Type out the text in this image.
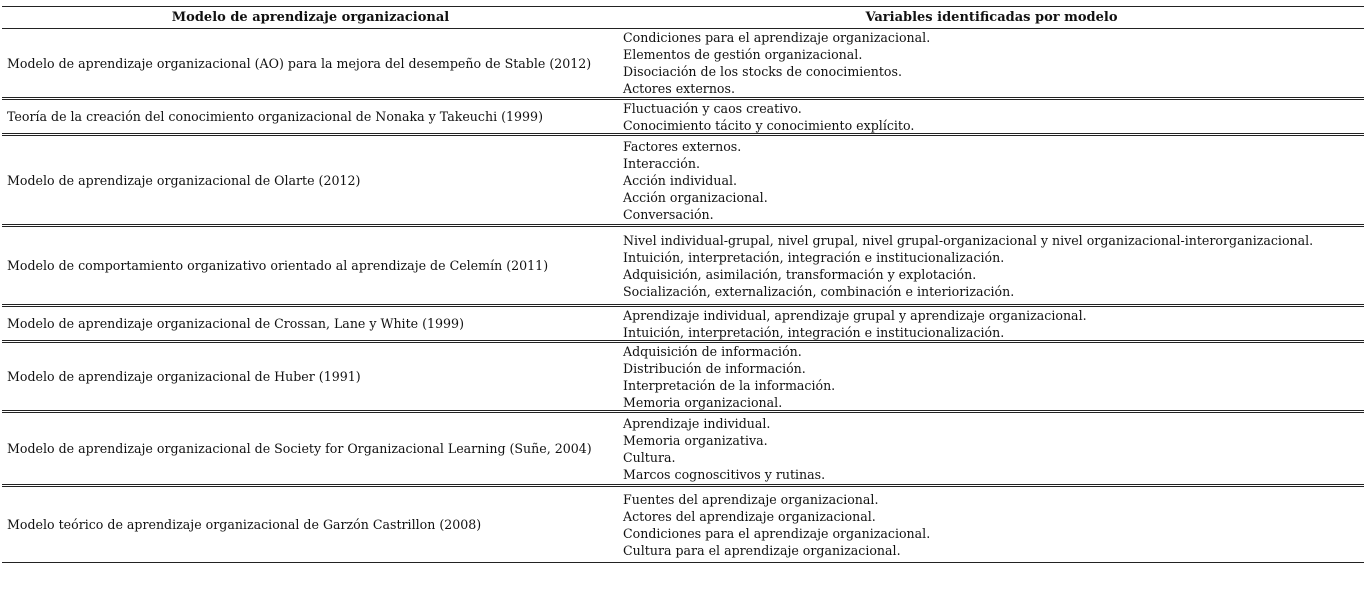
Modelo de aprendizaje organizacional	Variables identificadas por modelo
Modelo de aprendizaje organizacional (AO) para la mejora del desempeño de Stable (2012)
Condiciones para el aprendizaje organizacional.
Elementos de gestión organizacional.
Disociación de los stocks de conocimientos.
Actores externos.
Teoría de la creación del conocimiento organizacional de Nonaka y Takeuchi (1999)
Fluctuación y caos creativo.
Conocimiento tácito y conocimiento explícito.
Modelo de aprendizaje organizacional de Olarte (2012)
Factores externos.
Interacción.
Acción individual.
Acción organizacional.
Conversación.
Modelo de comportamiento organizativo orientado al aprendizaje de Celemín (2011)
Nivel individual-grupal, nivel grupal, nivel grupal-organizacional y nivel organizacional-interorganizacional.
Intuición, interpretación, integración e institucionalización.
Adquisición, asimilación, transformación y explotación.
Socialización, externalización, combinación e interiorización.
Modelo de aprendizaje organizacional de Crossan, Lane y White (1999)
Aprendizaje individual, aprendizaje grupal y aprendizaje organizacional.
Intuición, interpretación, integración e institucionalización.
Modelo de aprendizaje organizacional de Huber (1991)
Adquisición de información.
Distribución de información.
Interpretación de la información.
Memoria organizacional.
Modelo de aprendizaje organizacional de Society for Organizacional Learning (Suñe, 2004)
Aprendizaje individual.
Memoria organizativa.
Cultura.
Marcos cognoscitivos y rutinas.
Modelo teórico de aprendizaje organizacional de Garzón Castrillon (2008)
Fuentes del aprendizaje organizacional.
Actores del aprendizaje organizacional.
Condiciones para el aprendizaje organizacional.
Cultura para el aprendizaje organizacional.
